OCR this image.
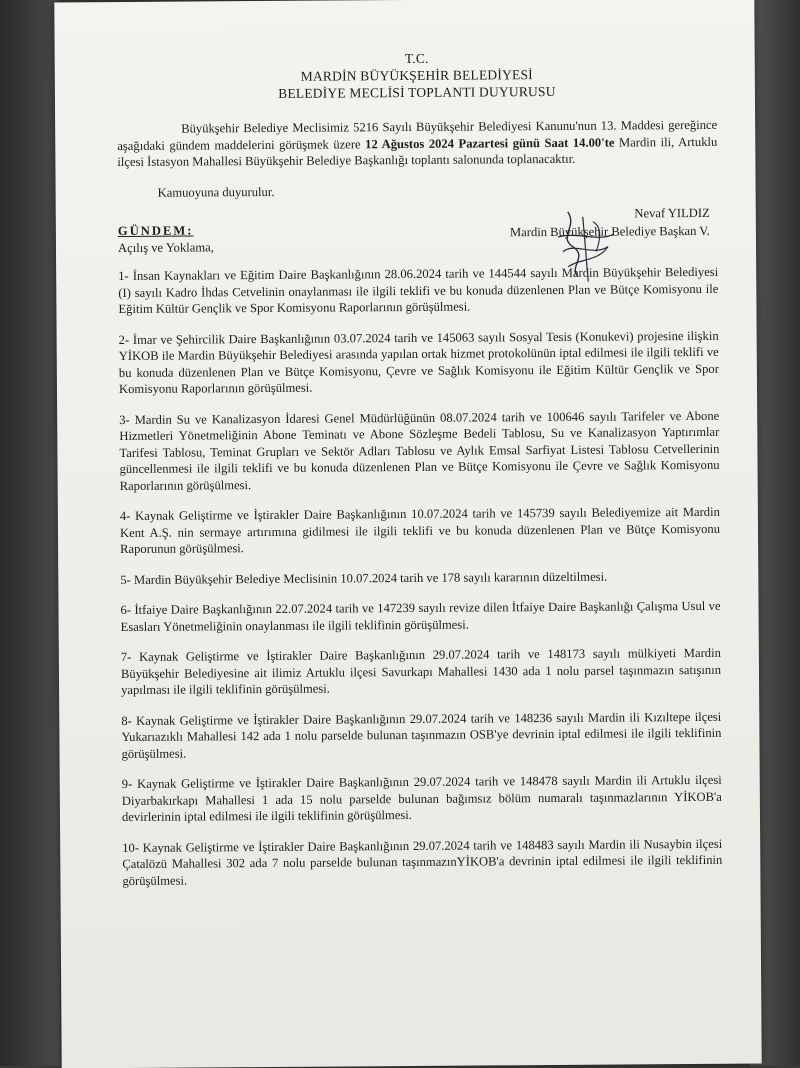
T.C.
MARDİN BÜYÜKŞEHİR BELEDİYESİ
BELEDİYE MECLİSİ TOPLANTI DUYURUSU

Büyükşehir Belediye Meclisimiz 5216 Sayılı Büyükşehir Belediyesi Kanunu'nun 13. Maddesi gereğince aşağıdaki gündem maddelerini görüşmek üzere 12 Ağustos 2024 Pazartesi günü Saat 14.00'te Mardin ili, Artuklu ilçesi İstasyon Mahallesi Büyükşehir Belediye Başkanlığı toplantı salonunda toplanacaktır.

Kamuoyuna duyurulur.
Nevaf YILDIZ
Mardin Büyükşehir Belediye Başkan V.
GÜNDEM:
Açılış ve Yoklama,

1- İnsan Kaynakları ve Eğitim Daire Başkanlığının 28.06.2024 tarih ve 144544 sayılı Mardin Büyükşehir Belediyesi (I) sayılı Kadro İhdas Cetvelinin onaylanması ile ilgili teklifi ve bu konuda düzenlenen Plan ve Bütçe Komisyonu ile Eğitim Kültür Gençlik ve Spor Komisyonu Raporlarının görüşülmesi.

2- İmar ve Şehircilik Daire Başkanlığının 03.07.2024 tarih ve 145063 sayılı Sosyal Tesis (Konukevi) projesine ilişkin YİKOB ile Mardin Büyükşehir Belediyesi arasında yapılan ortak hizmet protokolünün iptal edilmesi ile ilgili teklifi ve bu konuda düzenlenen Plan ve Bütçe Komisyonu, Çevre ve Sağlık Komisyonu ile Eğitim Kültür Gençlik ve Spor Komisyonu Raporlarının görüşülmesi.

3- Mardin Su ve Kanalizasyon İdaresi Genel Müdürlüğünün 08.07.2024 tarih ve 100646 sayılı Tarifeler ve Abone Hizmetleri Yönetmeliğinin Abone Teminatı ve Abone Sözleşme Bedeli Tablosu, Su ve Kanalizasyon Yaptırımlar Tarifesi Tablosu, Teminat Grupları ve Sektör Adları Tablosu ve Aylık Emsal Sarfiyat Listesi Tablosu Cetvellerinin güncellenmesi ile ilgili teklifi ve bu konuda düzenlenen Plan ve Bütçe Komisyonu ile Çevre ve Sağlık Komisyonu Raporlarının görüşülmesi.

4- Kaynak Geliştirme ve İştirakler Daire Başkanlığının 10.07.2024 tarih ve 145739 sayılı Belediyemize ait Mardin Kent A.Ş. nin sermaye artırımına gidilmesi ile ilgili teklifi ve bu konuda düzenlenen Plan ve Bütçe Komisyonu Raporunun görüşülmesi.

5- Mardin Büyükşehir Belediye Meclisinin 10.07.2024 tarih ve 178 sayılı kararının düzeltilmesi.

6- İtfaiye Daire Başkanlığının 22.07.2024 tarih ve 147239 sayılı revize dilen İtfaiye Daire Başkanlığı Çalışma Usul ve Esasları Yönetmeliğinin onaylanması ile ilgili teklifinin görüşülmesi.

7- Kaynak Geliştirme ve İştirakler Daire Başkanlığının 29.07.2024 tarih ve 148173 sayılı mülkiyeti Mardin Büyükşehir Belediyesine ait ilimiz Artuklu ilçesi Savurkapı Mahallesi 1430 ada 1 nolu parsel taşınmazın satışının yapılması ile ilgili teklifinin görüşülmesi.

8- Kaynak Geliştirme ve İştirakler Daire Başkanlığının 29.07.2024 tarih ve 148236 sayılı Mardin ili Kızıltepe ilçesi Yukarıazıklı Mahallesi 142 ada 1 nolu parselde bulunan taşınmazın OSB'ye devrinin iptal edilmesi ile ilgili teklifinin görüşülmesi.

9- Kaynak Geliştirme ve İştirakler Daire Başkanlığının 29.07.2024 tarih ve 148478 sayılı Mardin ili Artuklu ilçesi Diyarbakırkapı Mahallesi 1 ada 15 nolu parselde bulunan bağımsız bölüm numaralı taşınmazlarının YİKOB'a devirlerinin iptal edilmesi ile ilgili teklifinin görüşülmesi.

10- Kaynak Geliştirme ve İştirakler Daire Başkanlığının 29.07.2024 tarih ve 148483 sayılı Mardin ili Nusaybin ilçesi Çatalözü Mahallesi 302 ada 7 nolu parselde bulunan taşınmazınYİKOB'a devrinin iptal edilmesi ile ilgili teklifinin görüşülmesi.
